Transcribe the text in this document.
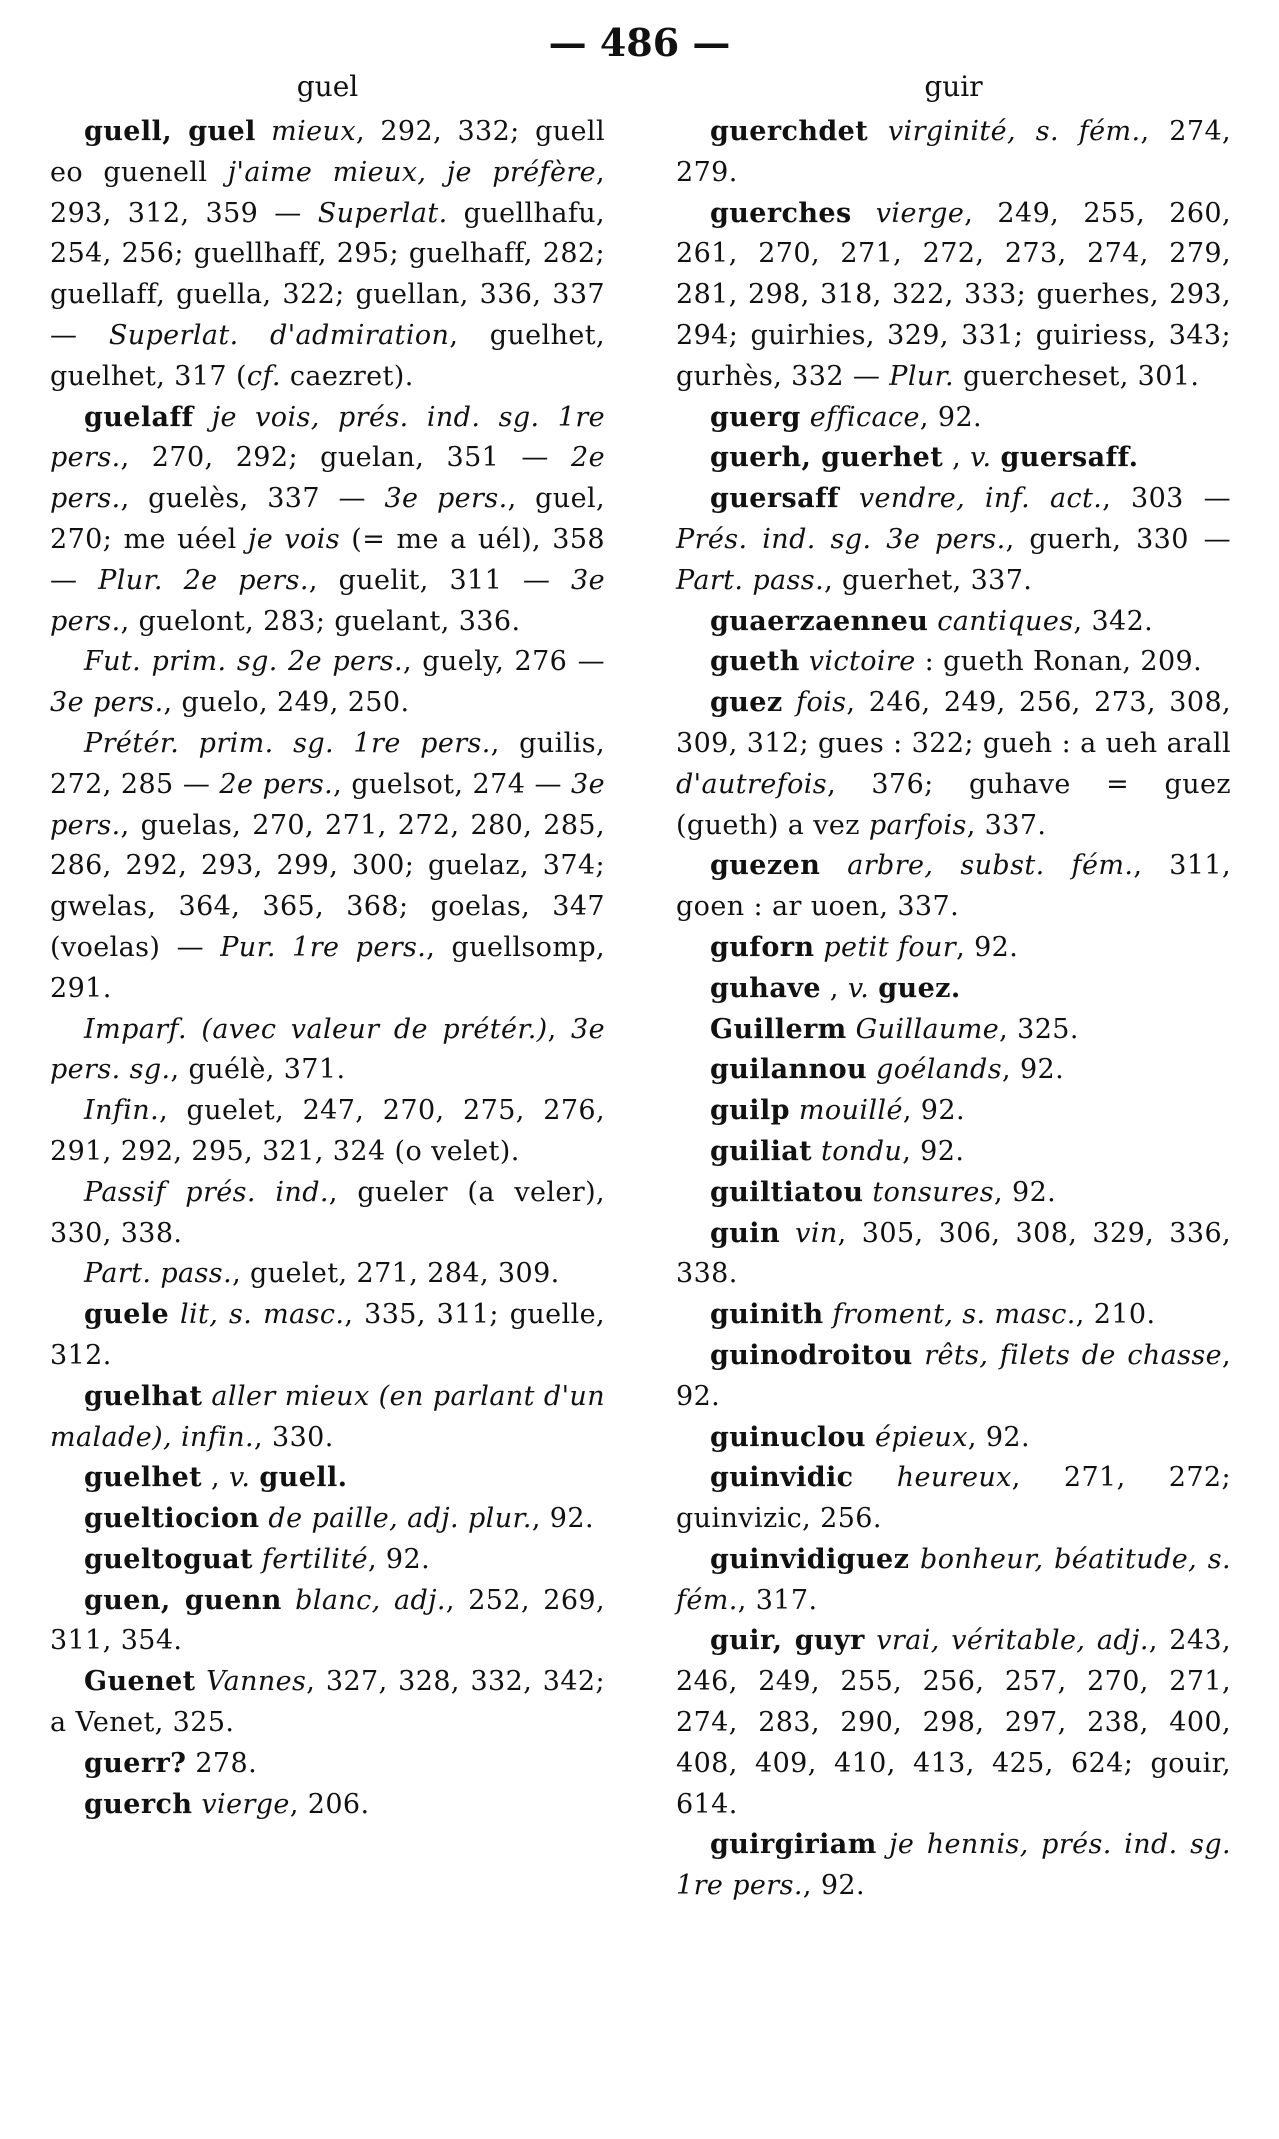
— 486 —
guel

guell, guel mieux, 292, 332; guell eo guenell j'aime mieux, je préfère, 293, 312, 359 — Superlat. guellhafu, 254, 256; guellhaff, 295; guelhaff, 282; guellaff, guella, 322; guellan, 336, 337 — Superlat. d'admiration, guelhet, guelhet, 317 (cf. caezret).

guelaff je vois, prés. ind. sg. 1re pers., 270, 292; guelan, 351 — 2e pers., guelès, 337 — 3e pers., guel, 270; me uéel je vois (= me a uél), 358 — Plur. 2e pers., guelit, 311 — 3e pers., guelont, 283; guelant, 336.

Fut. prim. sg. 2e pers., guely, 276 — 3e pers., guelo, 249, 250.

Prétér. prim. sg. 1re pers., guilis, 272, 285 — 2e pers., guelsot, 274 — 3e pers., guelas, 270, 271, 272, 280, 285, 286, 292, 293, 299, 300; guelaz, 374; gwelas, 364, 365, 368; goelas, 347 (voelas) — Pur. 1re pers., guellsomp, 291.

Imparf. (avec valeur de prétér.), 3e pers. sg., guélè, 371.

Infin., guelet, 247, 270, 275, 276, 291, 292, 295, 321, 324 (o velet).

Passif prés. ind., gueler (a veler), 330, 338.

Part. pass., guelet, 271, 284, 309.

guele lit, s. masc., 335, 311; guelle, 312.

guelhat aller mieux (en parlant d'un malade), infin., 330.

guelhet , v. guell.

gueltiocion de paille, adj. plur., 92.

gueltoguat fertilité, 92.

guen, guenn blanc, adj., 252, 269, 311, 354.

Guenet Vannes, 327, 328, 332, 342; a Venet, 325.

guerr? 278.

guerch vierge, 206.

guir

guerchdet virginité, s. fém., 274, 279.

guerches vierge, 249, 255, 260, 261, 270, 271, 272, 273, 274, 279, 281, 298, 318, 322, 333; guerhes, 293, 294; guirhies, 329, 331; guiriess, 343; gurhès, 332 — Plur. guercheset, 301.

guerg efficace, 92.

guerh, guerhet , v. guersaff.

guersaff vendre, inf. act., 303 — Prés. ind. sg. 3e pers., guerh, 330 — Part. pass., guerhet, 337.

guaerzaenneu cantiques, 342.

gueth victoire : gueth Ronan, 209.

guez fois, 246, 249, 256, 273, 308, 309, 312; gues : 322; gueh : a ueh arall d'autrefois, 376; guhave = guez (gueth) a vez parfois, 337.

guezen arbre, subst. fém., 311, goen : ar uoen, 337.

guforn petit four, 92.

guhave , v. guez.

Guillerm Guillaume, 325.

guilannou goélands, 92.

guilp mouillé, 92.

guiliat tondu, 92.

guiltiatou tonsures, 92.

guin vin, 305, 306, 308, 329, 336, 338.

guinith froment, s. masc., 210.

guinodroitou rêts, filets de chasse, 92.

guinuclou épieux, 92.

guinvidic heureux, 271, 272; guinvizic, 256.

guinvidiguez bonheur, béatitude, s. fém., 317.

guir, guyr vrai, véritable, adj., 243, 246, 249, 255, 256, 257, 270, 271, 274, 283, 290, 298, 297, 238, 400, 408, 409, 410, 413, 425, 624; gouir, 614.

guirgiriam je hennis, prés. ind. sg. 1re pers., 92.
